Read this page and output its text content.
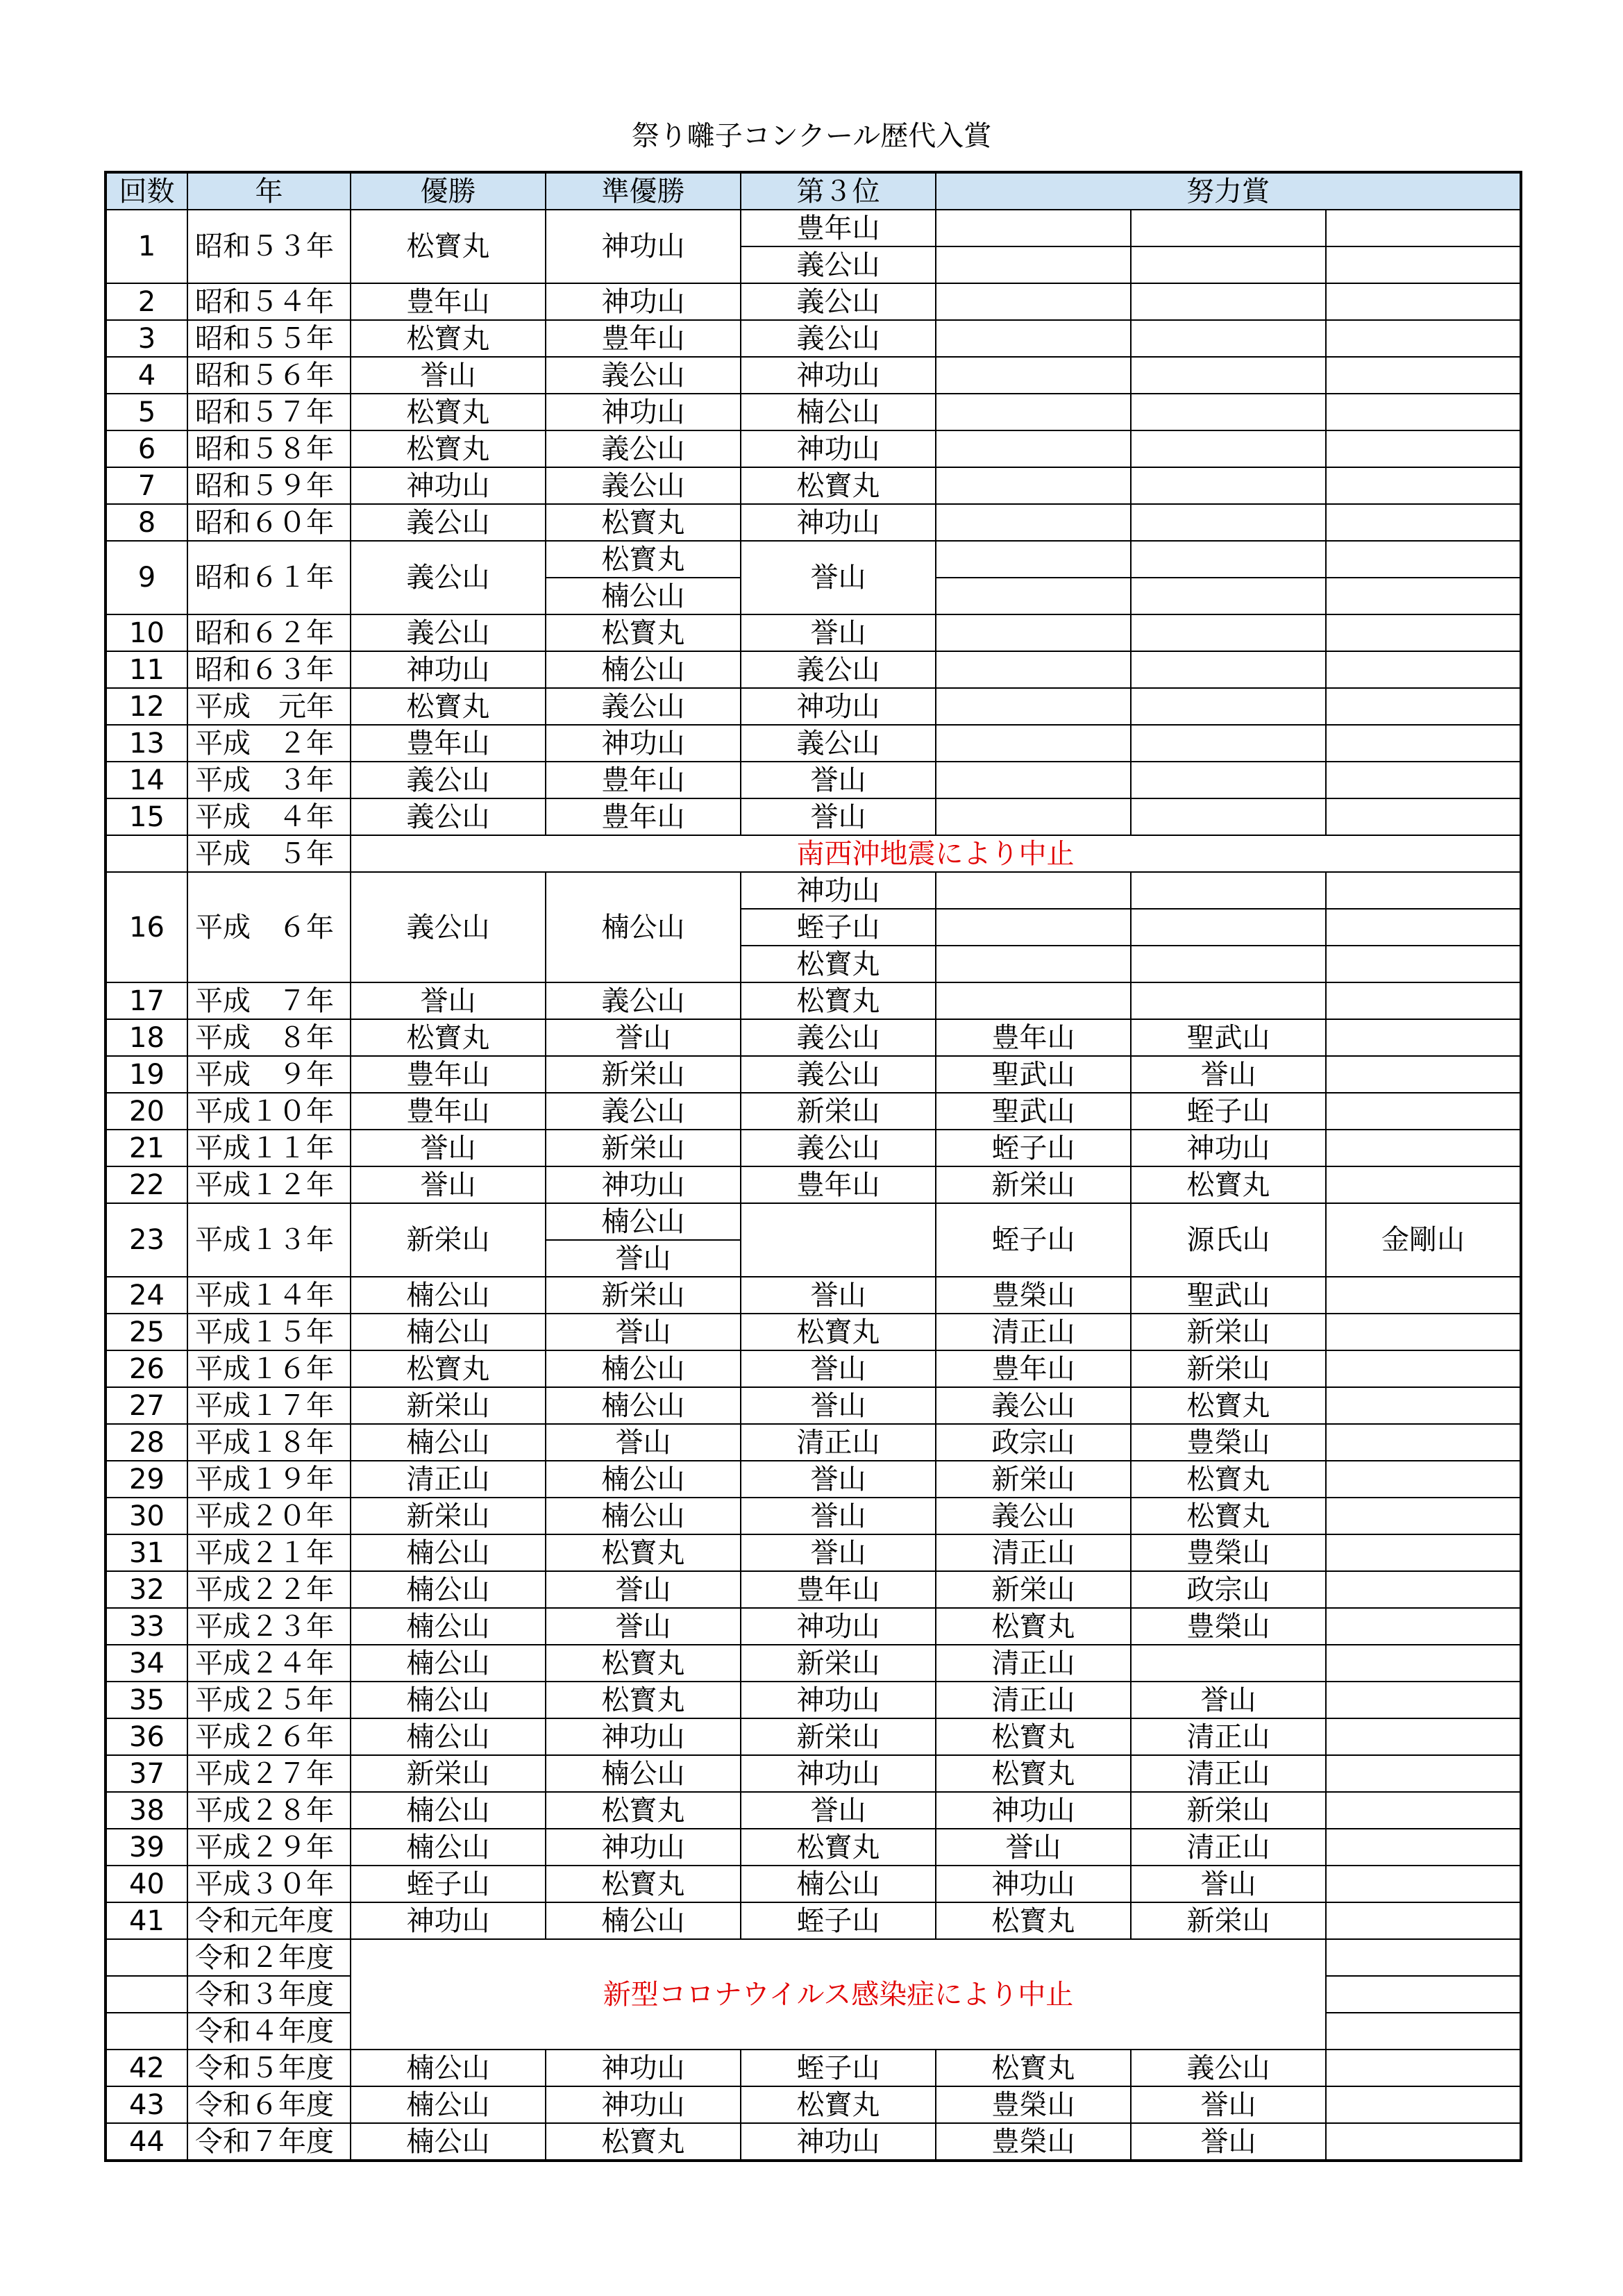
祭り囃子コンクール歴代入賞
回数	年	優勝	準優勝	第３位	努力賞		
1	昭和５３年	松寳丸	神功山	豊年山			
				義公山			
2	昭和５４年	豊年山	神功山	義公山			
3	昭和５５年	松寳丸	豊年山	義公山			
4	昭和５６年	誉山	義公山	神功山			
5	昭和５７年	松寳丸	神功山	楠公山			
6	昭和５８年	松寳丸	義公山	神功山			
7	昭和５９年	神功山	義公山	松寳丸			
8	昭和６０年	義公山	松寳丸	神功山			
9	昭和６１年	義公山	松寳丸	誉山			
			楠公山				
10	昭和６２年	義公山	松寳丸	誉山			
11	昭和６３年	神功山	楠公山	義公山			
12	平成　元年	松寳丸	義公山	神功山			
13	平成　２年	豊年山	神功山	義公山			
14	平成　３年	義公山	豊年山	誉山			
15	平成　４年	義公山	豊年山	誉山			
	平成　５年	南西沖地震により中止					
16	平成　６年	義公山	楠公山	神功山			
				蛭子山			
				松寳丸			
17	平成　７年	誉山	義公山	松寳丸			
18	平成　８年	松寳丸	誉山	義公山	豊年山	聖武山	
19	平成　９年	豊年山	新栄山	義公山	聖武山	誉山	
20	平成１０年	豊年山	義公山	新栄山	聖武山	蛭子山	
21	平成１１年	誉山	新栄山	義公山	蛭子山	神功山	
22	平成１２年	誉山	神功山	豊年山	新栄山	松寳丸	
23	平成１３年	新栄山	楠公山		蛭子山	源氏山	金剛山
			誉山				
24	平成１４年	楠公山	新栄山	誉山	豊榮山	聖武山	
25	平成１５年	楠公山	誉山	松寳丸	清正山	新栄山	
26	平成１６年	松寳丸	楠公山	誉山	豊年山	新栄山	
27	平成１７年	新栄山	楠公山	誉山	義公山	松寳丸	
28	平成１８年	楠公山	誉山	清正山	政宗山	豊榮山	
29	平成１９年	清正山	楠公山	誉山	新栄山	松寳丸	
30	平成２０年	新栄山	楠公山	誉山	義公山	松寳丸	
31	平成２１年	楠公山	松寳丸	誉山	清正山	豊榮山	
32	平成２２年	楠公山	誉山	豊年山	新栄山	政宗山	
33	平成２３年	楠公山	誉山	神功山	松寳丸	豊榮山	
34	平成２４年	楠公山	松寳丸	新栄山	清正山		
35	平成２５年	楠公山	松寳丸	神功山	清正山	誉山	
36	平成２６年	楠公山	神功山	新栄山	松寳丸	清正山	
37	平成２７年	新栄山	楠公山	神功山	松寳丸	清正山	
38	平成２８年	楠公山	松寳丸	誉山	神功山	新栄山	
39	平成２９年	楠公山	神功山	松寳丸	誉山	清正山	
40	平成３０年	蛭子山	松寳丸	楠公山	神功山	誉山	
41	令和元年度	神功山	楠公山	蛭子山	松寳丸	新栄山	
	令和２年度	新型コロナウイルス感染症により中止					
	令和３年度						
	令和４年度						
42	令和５年度	楠公山	神功山	蛭子山	松寳丸	義公山	
43	令和６年度	楠公山	神功山	松寳丸	豊榮山	誉山	
44	令和７年度	楠公山	松寳丸	神功山	豊榮山	誉山	
